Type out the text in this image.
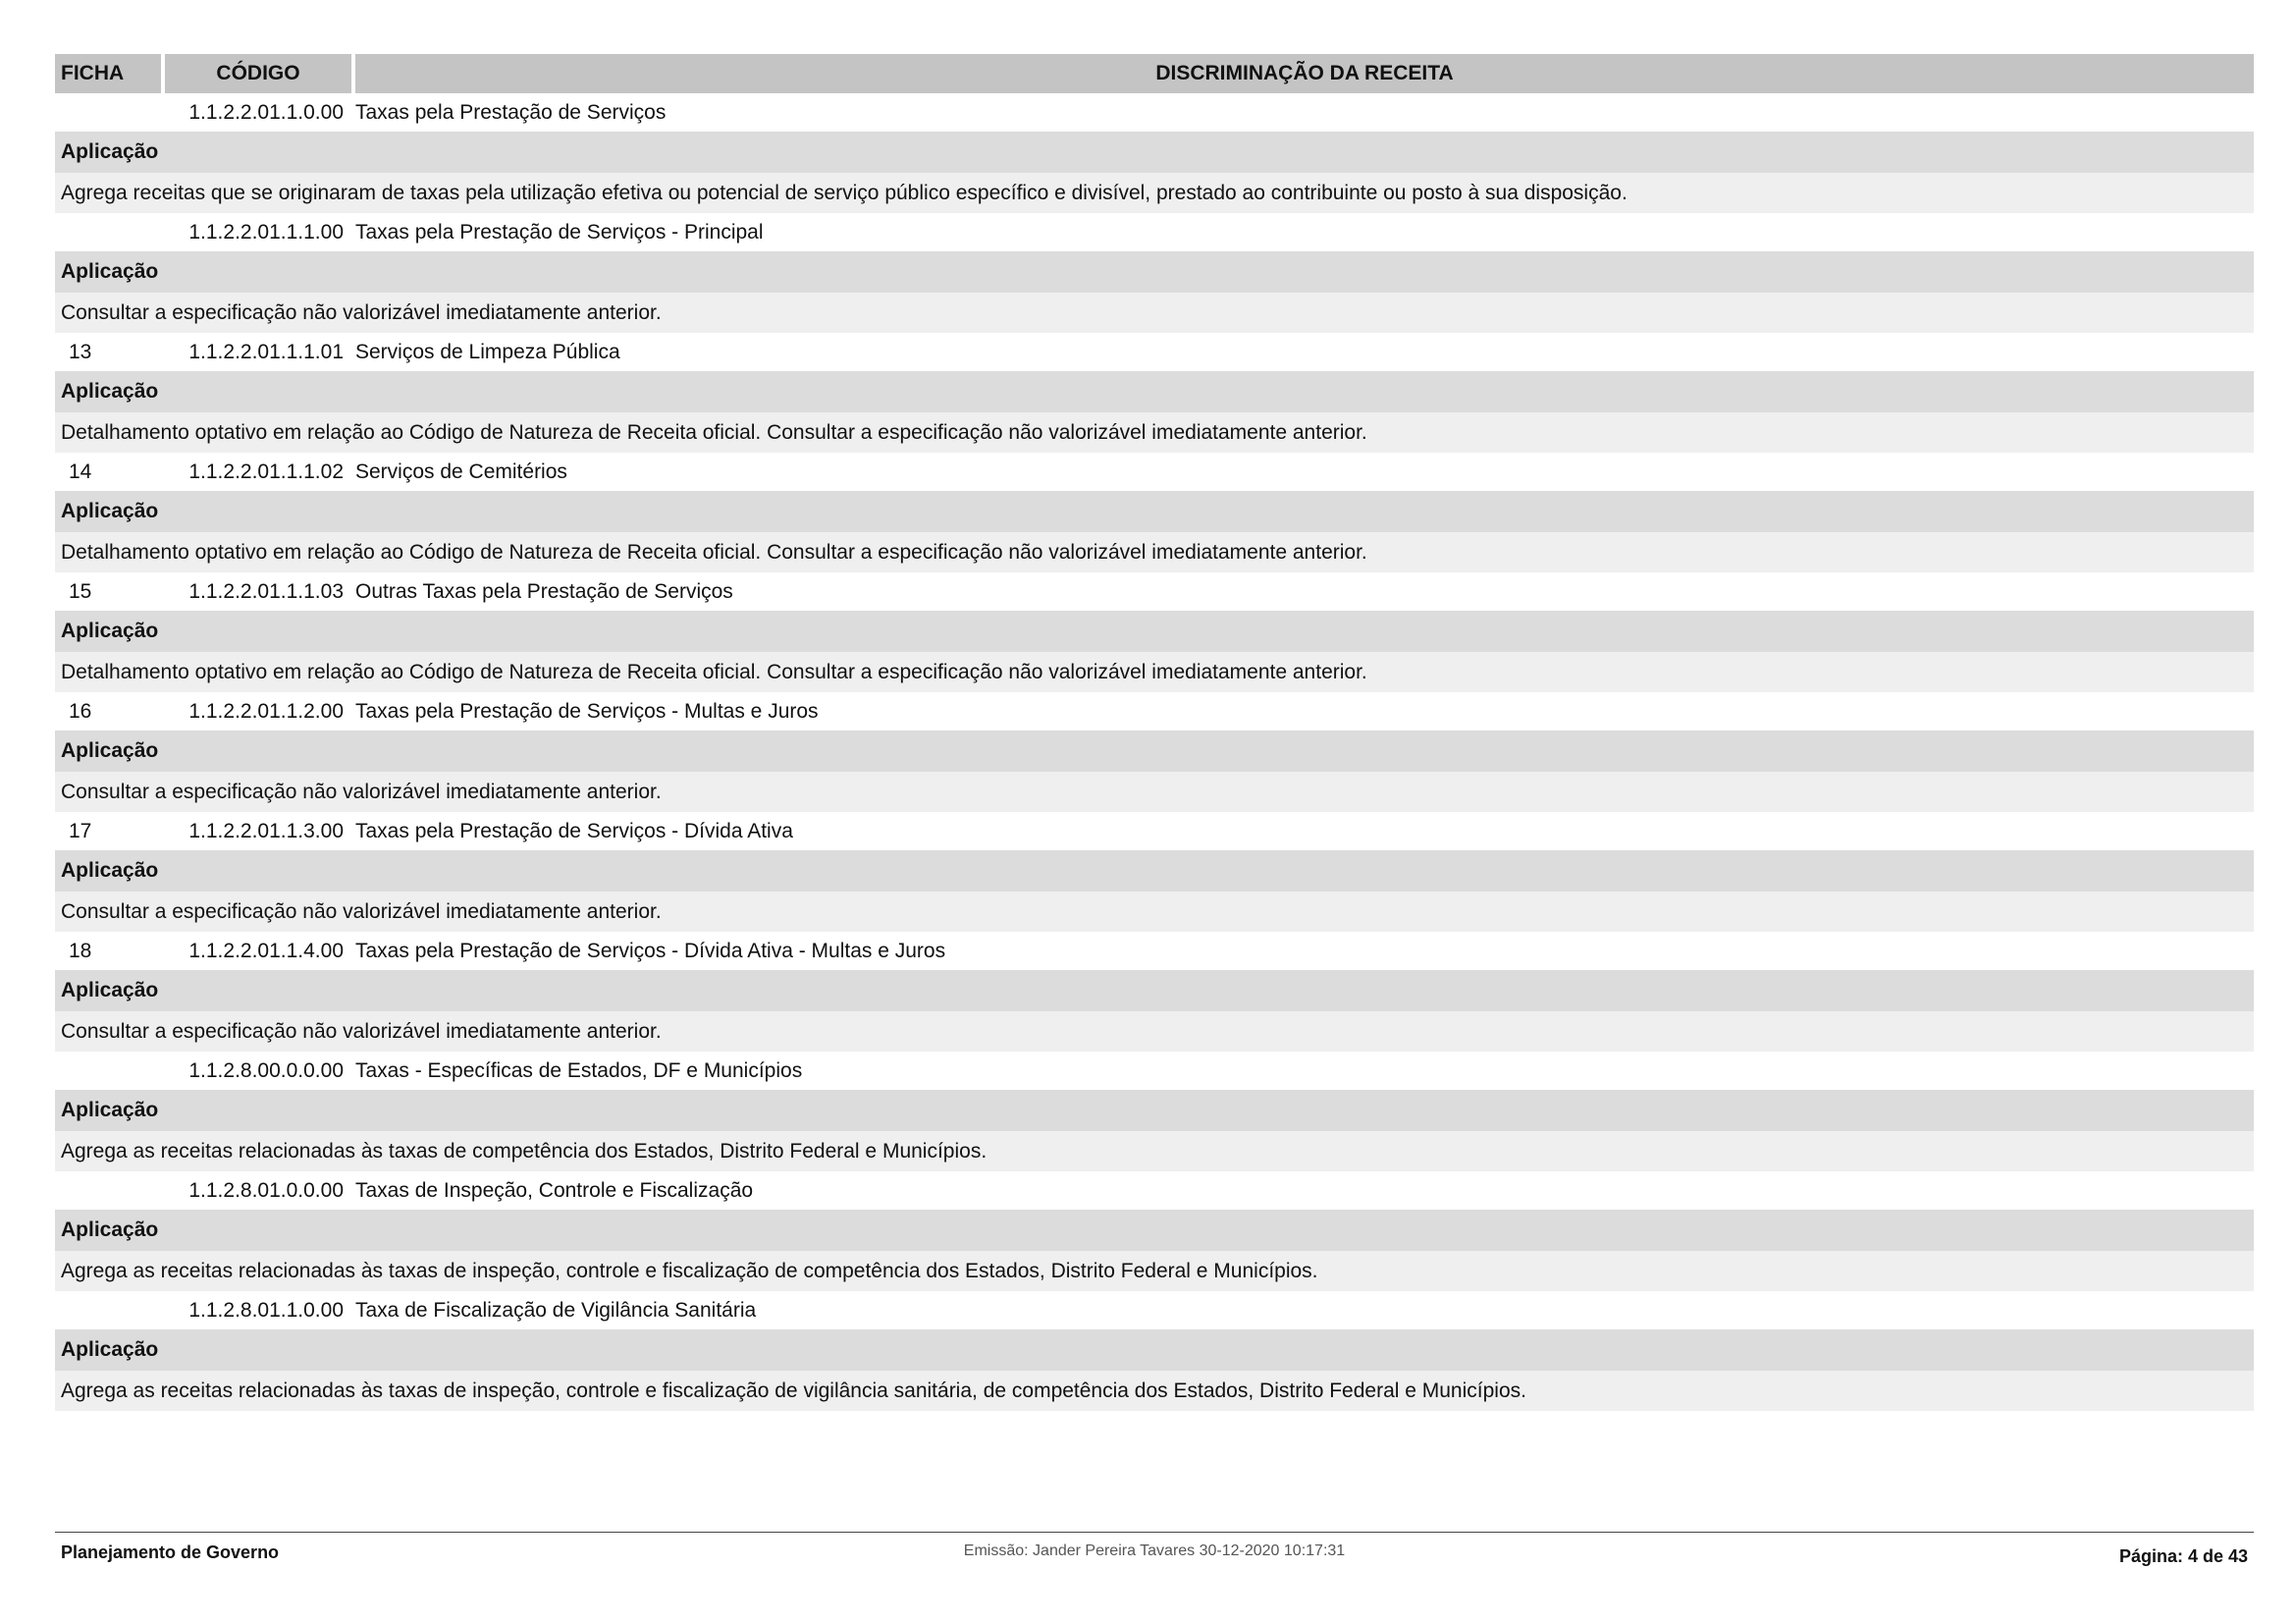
FICHA	CÓDIGO	DISCRIMINAÇÃO DA RECEITA
1.1.2.2.01.1.0.00 Taxas pela Prestação de Serviços
Aplicação
Agrega receitas que se originaram de taxas pela utilização efetiva ou potencial de serviço público específico e divisível, prestado ao contribuinte ou posto à sua disposição.
1.1.2.2.01.1.1.00 Taxas pela Prestação de Serviços - Principal
Aplicação
Consultar a especificação não valorizável imediatamente anterior.
13	1.1.2.2.01.1.1.01 Serviços de Limpeza Pública
Aplicação
Detalhamento optativo em relação ao Código de Natureza de Receita oficial. Consultar a especificação não valorizável imediatamente anterior.
14	1.1.2.2.01.1.1.02 Serviços de Cemitérios
Aplicação
Detalhamento optativo em relação ao Código de Natureza de Receita oficial. Consultar a especificação não valorizável imediatamente anterior.
15	1.1.2.2.01.1.1.03 Outras Taxas pela Prestação de Serviços
Aplicação
Detalhamento optativo em relação ao Código de Natureza de Receita oficial. Consultar a especificação não valorizável imediatamente anterior.
16	1.1.2.2.01.1.2.00 Taxas pela Prestação de Serviços - Multas e Juros
Aplicação
Consultar a especificação não valorizável imediatamente anterior.
17	1.1.2.2.01.1.3.00 Taxas pela Prestação de Serviços - Dívida Ativa
Aplicação
Consultar a especificação não valorizável imediatamente anterior.
18	1.1.2.2.01.1.4.00 Taxas pela Prestação de Serviços - Dívida Ativa - Multas e Juros
Aplicação
Consultar a especificação não valorizável imediatamente anterior.
1.1.2.8.00.0.0.00 Taxas - Específicas de Estados, DF e Municípios
Aplicação
Agrega as receitas relacionadas às taxas de competência dos Estados, Distrito Federal e Municípios.
1.1.2.8.01.0.0.00 Taxas de Inspeção, Controle e Fiscalização
Aplicação
Agrega as receitas relacionadas às taxas de inspeção, controle e fiscalização de competência dos Estados, Distrito Federal e Municípios.
1.1.2.8.01.1.0.00 Taxa de Fiscalização de Vigilância Sanitária
Aplicação
Agrega as receitas relacionadas às taxas de inspeção, controle e fiscalização de vigilância sanitária, de competência dos Estados, Distrito Federal e Municípios.
Planejamento de Governo	Emissão: Jander Pereira Tavares 30-12-2020 10:17:31	Página: 4 de 43
